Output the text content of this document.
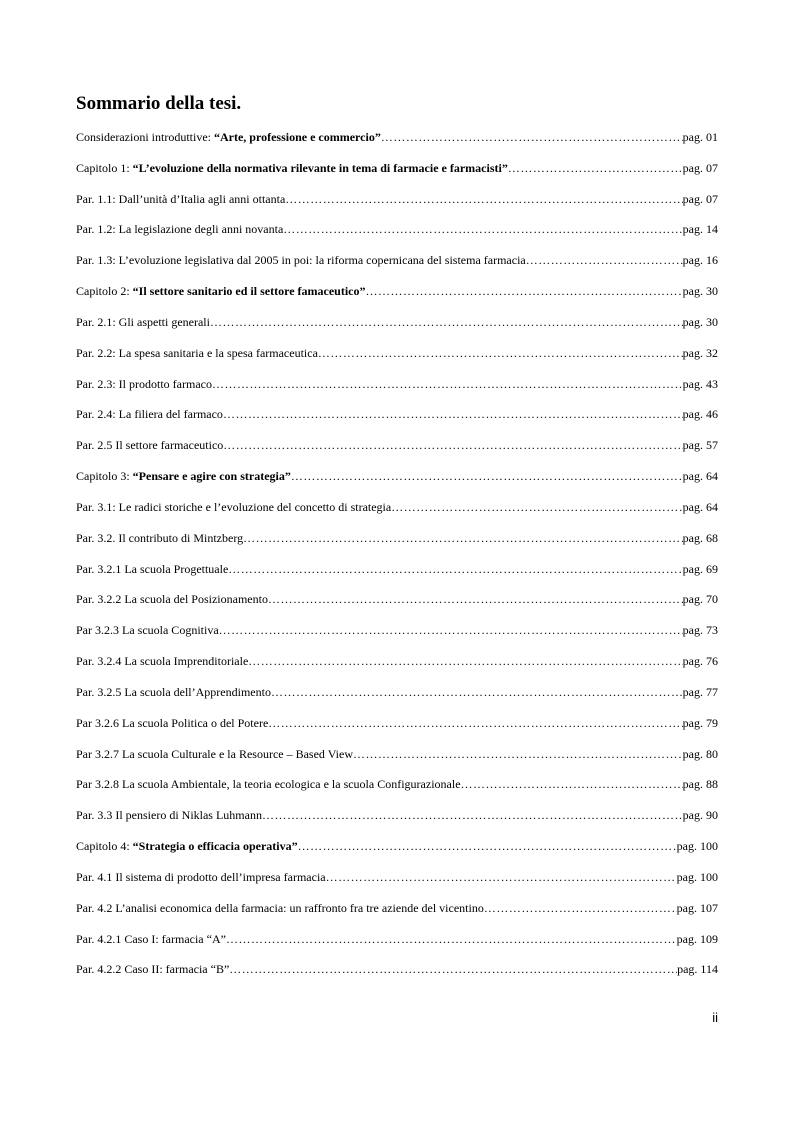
Sommario della tesi.
Considerazioni introduttive: “Arte, professione e commercio” ………………………………………………………………………………………………………………………………………………………………………………………………………………………………………	pag. 01
Capitolo 1: “L’evoluzione della normativa rilevante in tema di farmacie e farmacisti” ………………………………………………………………………………………………………………………………………………………………………………………………………………………………………	pag. 07
Par. 1.1: Dall’unità d’Italia agli anni ottanta ………………………………………………………………………………………………………………………………………………………………………………………………………………………………………	pag. 07
Par. 1.2: La legislazione degli anni novanta ………………………………………………………………………………………………………………………………………………………………………………………………………………………………………	pag. 14
Par. 1.3: L’evoluzione legislativa dal 2005 in poi: la riforma copernicana del sistema farmacia ………………………………………………………………………………………………………………………………………………………………………………………………………………………………………	pag. 16
Capitolo 2: “Il settore sanitario ed il settore famaceutico” ………………………………………………………………………………………………………………………………………………………………………………………………………………………………………	pag. 30
Par. 2.1: Gli aspetti generali ………………………………………………………………………………………………………………………………………………………………………………………………………………………………………	pag. 30
Par. 2.2: La spesa sanitaria e la spesa farmaceutica ………………………………………………………………………………………………………………………………………………………………………………………………………………………………………	pag. 32
Par. 2.3: Il prodotto farmaco ………………………………………………………………………………………………………………………………………………………………………………………………………………………………………	pag. 43
Par. 2.4: La filiera del farmaco ………………………………………………………………………………………………………………………………………………………………………………………………………………………………………	pag. 46
Par. 2.5 Il settore farmaceutico ………………………………………………………………………………………………………………………………………………………………………………………………………………………………………	pag. 57
Capitolo 3: “Pensare e agire con strategia” ………………………………………………………………………………………………………………………………………………………………………………………………………………………………………	pag. 64
Par. 3.1: Le radici storiche e l’evoluzione del concetto di strategia ………………………………………………………………………………………………………………………………………………………………………………………………………………………………………	pag. 64
Par. 3.2. Il contributo di Mintzberg ………………………………………………………………………………………………………………………………………………………………………………………………………………………………………	pag. 68
Par. 3.2.1 La scuola Progettuale ………………………………………………………………………………………………………………………………………………………………………………………………………………………………………	pag. 69
Par. 3.2.2 La scuola del Posizionamento ………………………………………………………………………………………………………………………………………………………………………………………………………………………………………	pag. 70
Par 3.2.3 La scuola Cognitiva ………………………………………………………………………………………………………………………………………………………………………………………………………………………………………	pag. 73
Par. 3.2.4 La scuola Imprenditoriale ………………………………………………………………………………………………………………………………………………………………………………………………………………………………………	pag. 76
Par. 3.2.5 La scuola dell’Apprendimento ………………………………………………………………………………………………………………………………………………………………………………………………………………………………………	pag. 77
Par 3.2.6 La scuola Politica o del Potere ………………………………………………………………………………………………………………………………………………………………………………………………………………………………………	pag. 79
Par 3.2.7 La scuola Culturale e la Resource – Based View ………………………………………………………………………………………………………………………………………………………………………………………………………………………………………	pag. 80
Par 3.2.8 La scuola Ambientale, la teoria ecologica e la scuola Configurazionale ………………………………………………………………………………………………………………………………………………………………………………………………………………………………………	pag. 88
Par. 3.3 Il pensiero di Niklas Luhmann ………………………………………………………………………………………………………………………………………………………………………………………………………………………………………	pag. 90
Capitolo 4: “Strategia o efficacia operativa” ………………………………………………………………………………………………………………………………………………………………………………………………………………………………………	pag. 100
Par. 4.1 Il sistema di prodotto dell’impresa farmacia ………………………………………………………………………………………………………………………………………………………………………………………………………………………………………	pag. 100
Par. 4.2 L’analisi economica della farmacia: un raffronto fra tre aziende del vicentino ………………………………………………………………………………………………………………………………………………………………………………………………………………………………………	pag. 107
Par. 4.2.1 Caso I: farmacia “A” ………………………………………………………………………………………………………………………………………………………………………………………………………………………………………	pag. 109
Par. 4.2.2 Caso II: farmacia “B” ………………………………………………………………………………………………………………………………………………………………………………………………………………………………………	pag. 114
ii
